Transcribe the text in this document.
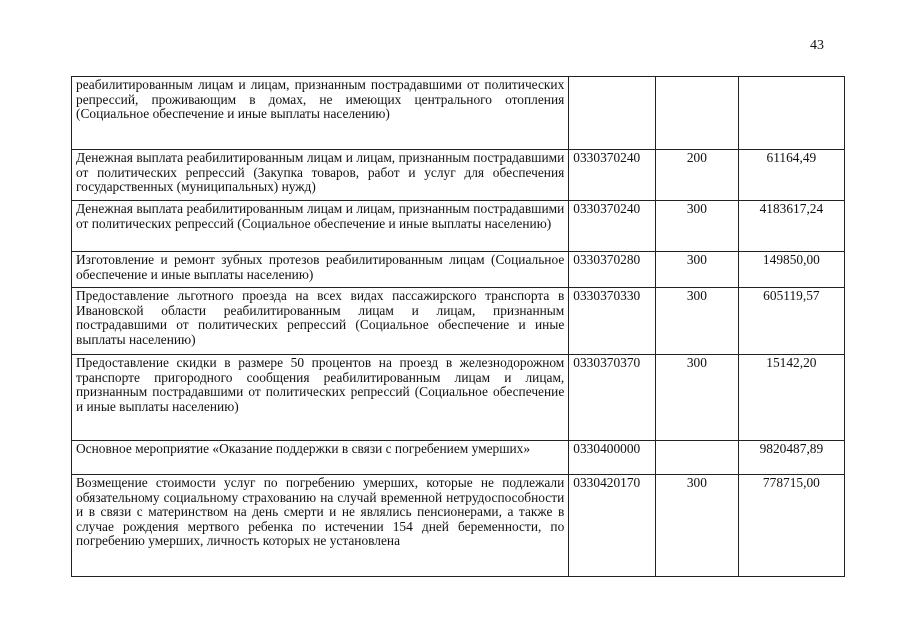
43
реабилитированным лицам и лицам, признанным пострадавшими от политических репрессий, проживающим в домах, не имеющих центрального отопления (Социальное обеспечение и иные выплаты населению)			
Денежная выплата реабилитированным лицам и лицам, признанным пострадавшими от политических репрессий (Закупка товаров, работ и услуг для обеспечения государственных (муниципальных) нужд)	0330370240	200	61164,49
Денежная выплата реабилитированным лицам и лицам, признанным пострадавшими от политических репрессий (Социальное обеспечение и иные выплаты населению)	0330370240	300	4183617,24
Изготовление и ремонт зубных протезов реабилитированным лицам (Социальное обеспечение и иные выплаты населению)	0330370280	300	149850,00
Предоставление льготного проезда на всех видах пассажирского транспорта в Ивановской области реабилитированным лицам и лицам, признанным пострадавшими от политических репрессий (Социальное обеспечение и иные выплаты населению)	0330370330	300	605119,57
Предоставление скидки в размере 50 процентов на проезд в железнодорожном транспорте пригородного сообщения реабилитированным лицам и лицам, признанным пострадавшими от политических репрессий (Социальное обеспечение и иные выплаты населению)	0330370370	300	15142,20
Основное мероприятие «Оказание поддержки в связи с погребением умерших»	0330400000		9820487,89
Возмещение стоимости услуг по погребению умерших, которые не подлежали обязательному социальному страхованию на случай временной нетрудоспособности и в связи с материнством на день смерти и не являлись пенсионерами, а также в случае рождения мертвого ребенка по истечении 154 дней беременности, по погребению умерших, личность которых не установлена	0330420170	300	778715,00
